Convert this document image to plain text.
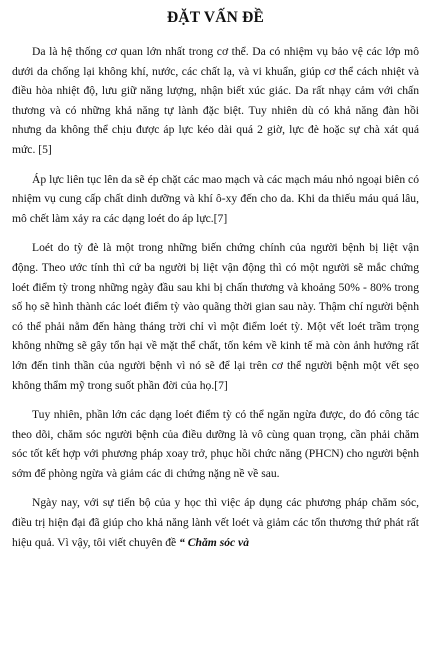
ĐẶT VẤN ĐỀ

Da là hệ thống cơ quan lớn nhất trong cơ thể. Da có nhiệm vụ bảo vệ các lớp mô dưới da chống lại không khí, nước, các chất lạ, và vi khuẩn, giúp cơ thể cách nhiệt và điều hòa nhiệt độ, lưu giữ năng lượng, nhận biết xúc giác. Da rất nhạy cảm với chấn thương và có những khả năng tự lành đặc biệt. Tuy nhiên dù có khả năng đàn hồi nhưng da không thể chịu được áp lực kéo dài quá 2 giờ, lực đè hoặc sự chà xát quá mức. [5]

Áp lực liên tục lên da sẽ ép chặt các mao mạch và các mạch máu nhỏ ngoại biên có nhiệm vụ cung cấp chất dinh dưỡng và khí ô-xy đến cho da. Khi da thiếu máu quá lâu, mô chết làm xảy ra các dạng loét do áp lực.[7]

Loét do tỳ đè là một trong những biến chứng chính của người bệnh bị liệt vận động. Theo ước tính thì cứ ba người bị liệt vận động thì có một người sẽ mắc chứng loét điểm tỳ trong những ngày đầu sau khi bị chấn thương và khoảng 50% - 80% trong số họ sẽ hình thành các loét điểm tỳ vào quãng thời gian sau này. Thậm chí người bệnh có thể phải nằm đến hàng tháng trời chỉ vì một điểm loét tỳ. Một vết loét trầm trọng không những sẽ gây tổn hại về mặt thể chất, tốn kém về kinh tế mà còn ảnh hưởng rất lớn đến tinh thần của người bệnh vì nó sẽ để lại trên cơ thể người bệnh một vết sẹo không thẩm mỹ trong suốt phần đời của họ.[7]

Tuy nhiên, phần lớn các dạng loét điểm tỳ có thể ngăn ngừa được, do đó công tác theo dõi, chăm sóc người bệnh của điều dưỡng là vô cùng quan trọng, cần phải chăm sóc tốt kết hợp với phương pháp xoay trở, phục hồi chức năng (PHCN) cho người bệnh sớm để phòng ngừa và giảm các di chứng nặng nề về sau.

Ngày nay, với sự tiến bộ của y học thì việc áp dụng các phương pháp chăm sóc, điều trị hiện đại đã giúp cho khả năng lành vết loét và giảm các tổn thương thứ phát rất hiệu quả. Vì vậy, tôi viết chuyên đề “ Chăm sóc và
